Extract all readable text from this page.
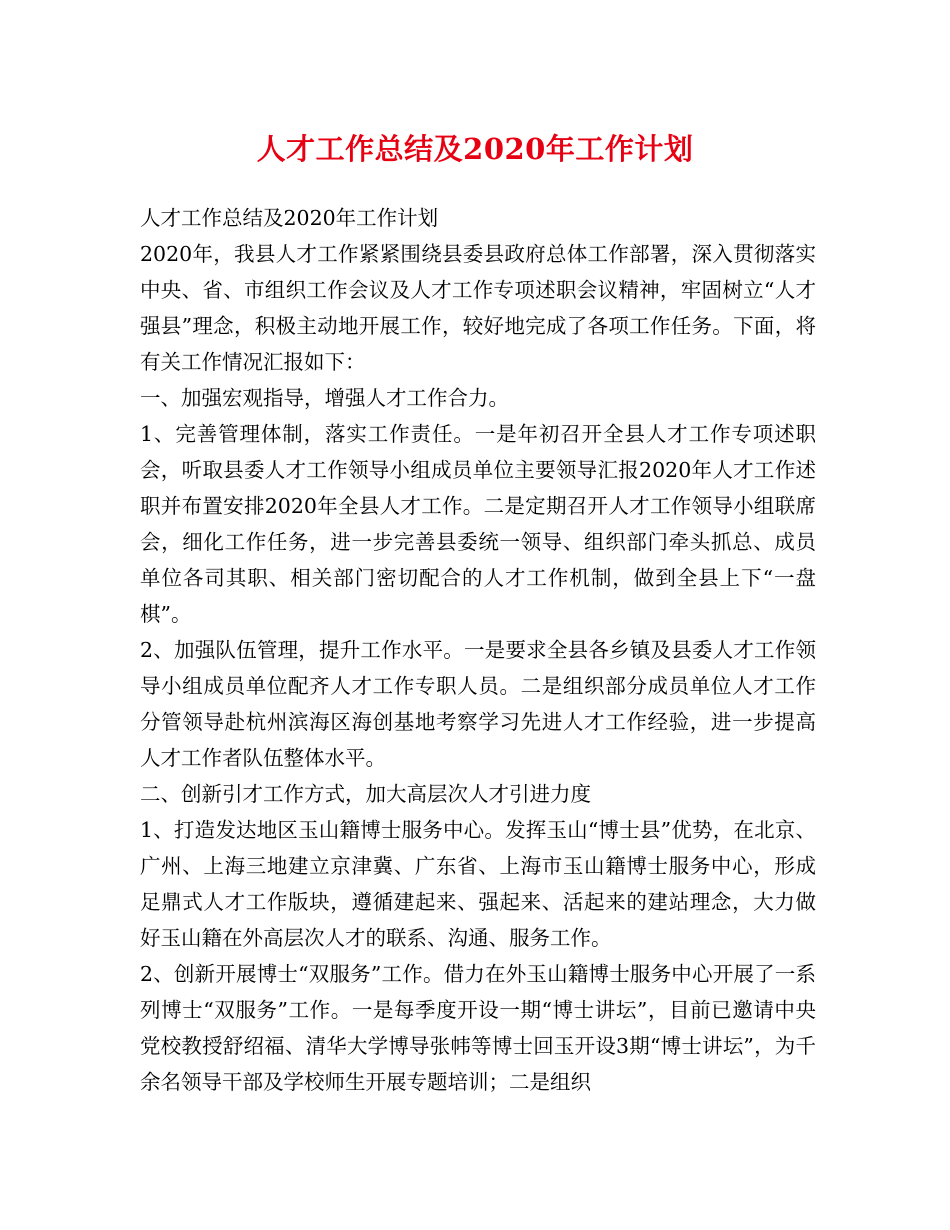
人才工作总结及2020年工作计划

人才工作总结及2020年工作计划

2020年，我县人才工作紧紧围绕县委县政府总体工作部署，深入贯彻落实中央、省、市组织工作会议及人才工作专项述职会议精神，牢固树立“人才强县”理念，积极主动地开展工作，较好地完成了各项工作任务。下面，将有关工作情况汇报如下：

一、加强宏观指导，增强人才工作合力。

1、完善管理体制，落实工作责任。一是年初召开全县人才工作专项述职会，听取县委人才工作领导小组成员单位主要领导汇报2020年人才工作述职并布置安排2020年全县人才工作。二是定期召开人才工作领导小组联席会，细化工作任务，进一步完善县委统一领导、组织部门牵头抓总、成员单位各司其职、相关部门密切配合的人才工作机制，做到全县上下“一盘棋”。

2、加强队伍管理，提升工作水平。一是要求全县各乡镇及县委人才工作领导小组成员单位配齐人才工作专职人员。二是组织部分成员单位人才工作分管领导赴杭州滨海区海创基地考察学习先进人才工作经验，进一步提高人才工作者队伍整体水平。

二、创新引才工作方式，加大高层次人才引进力度

1、打造发达地区玉山籍博士服务中心。发挥玉山“博士县”优势，在北京、广州、上海三地建立京津冀、广东省、上海市玉山籍博士服务中心，形成足鼎式人才工作版块，遵循建起来、强起来、活起来的建站理念，大力做好玉山籍在外高层次人才的联系、沟通、服务工作。

2、创新开展博士“双服务”工作。借力在外玉山籍博士服务中心开展了一系列博士“双服务”工作。一是每季度开设一期“博士讲坛”，目前已邀请中央党校教授舒绍福、清华大学博导张帏等博士回玉开设3期“博士讲坛”，为千余名领导干部及学校师生开展专题培训；二是组织
